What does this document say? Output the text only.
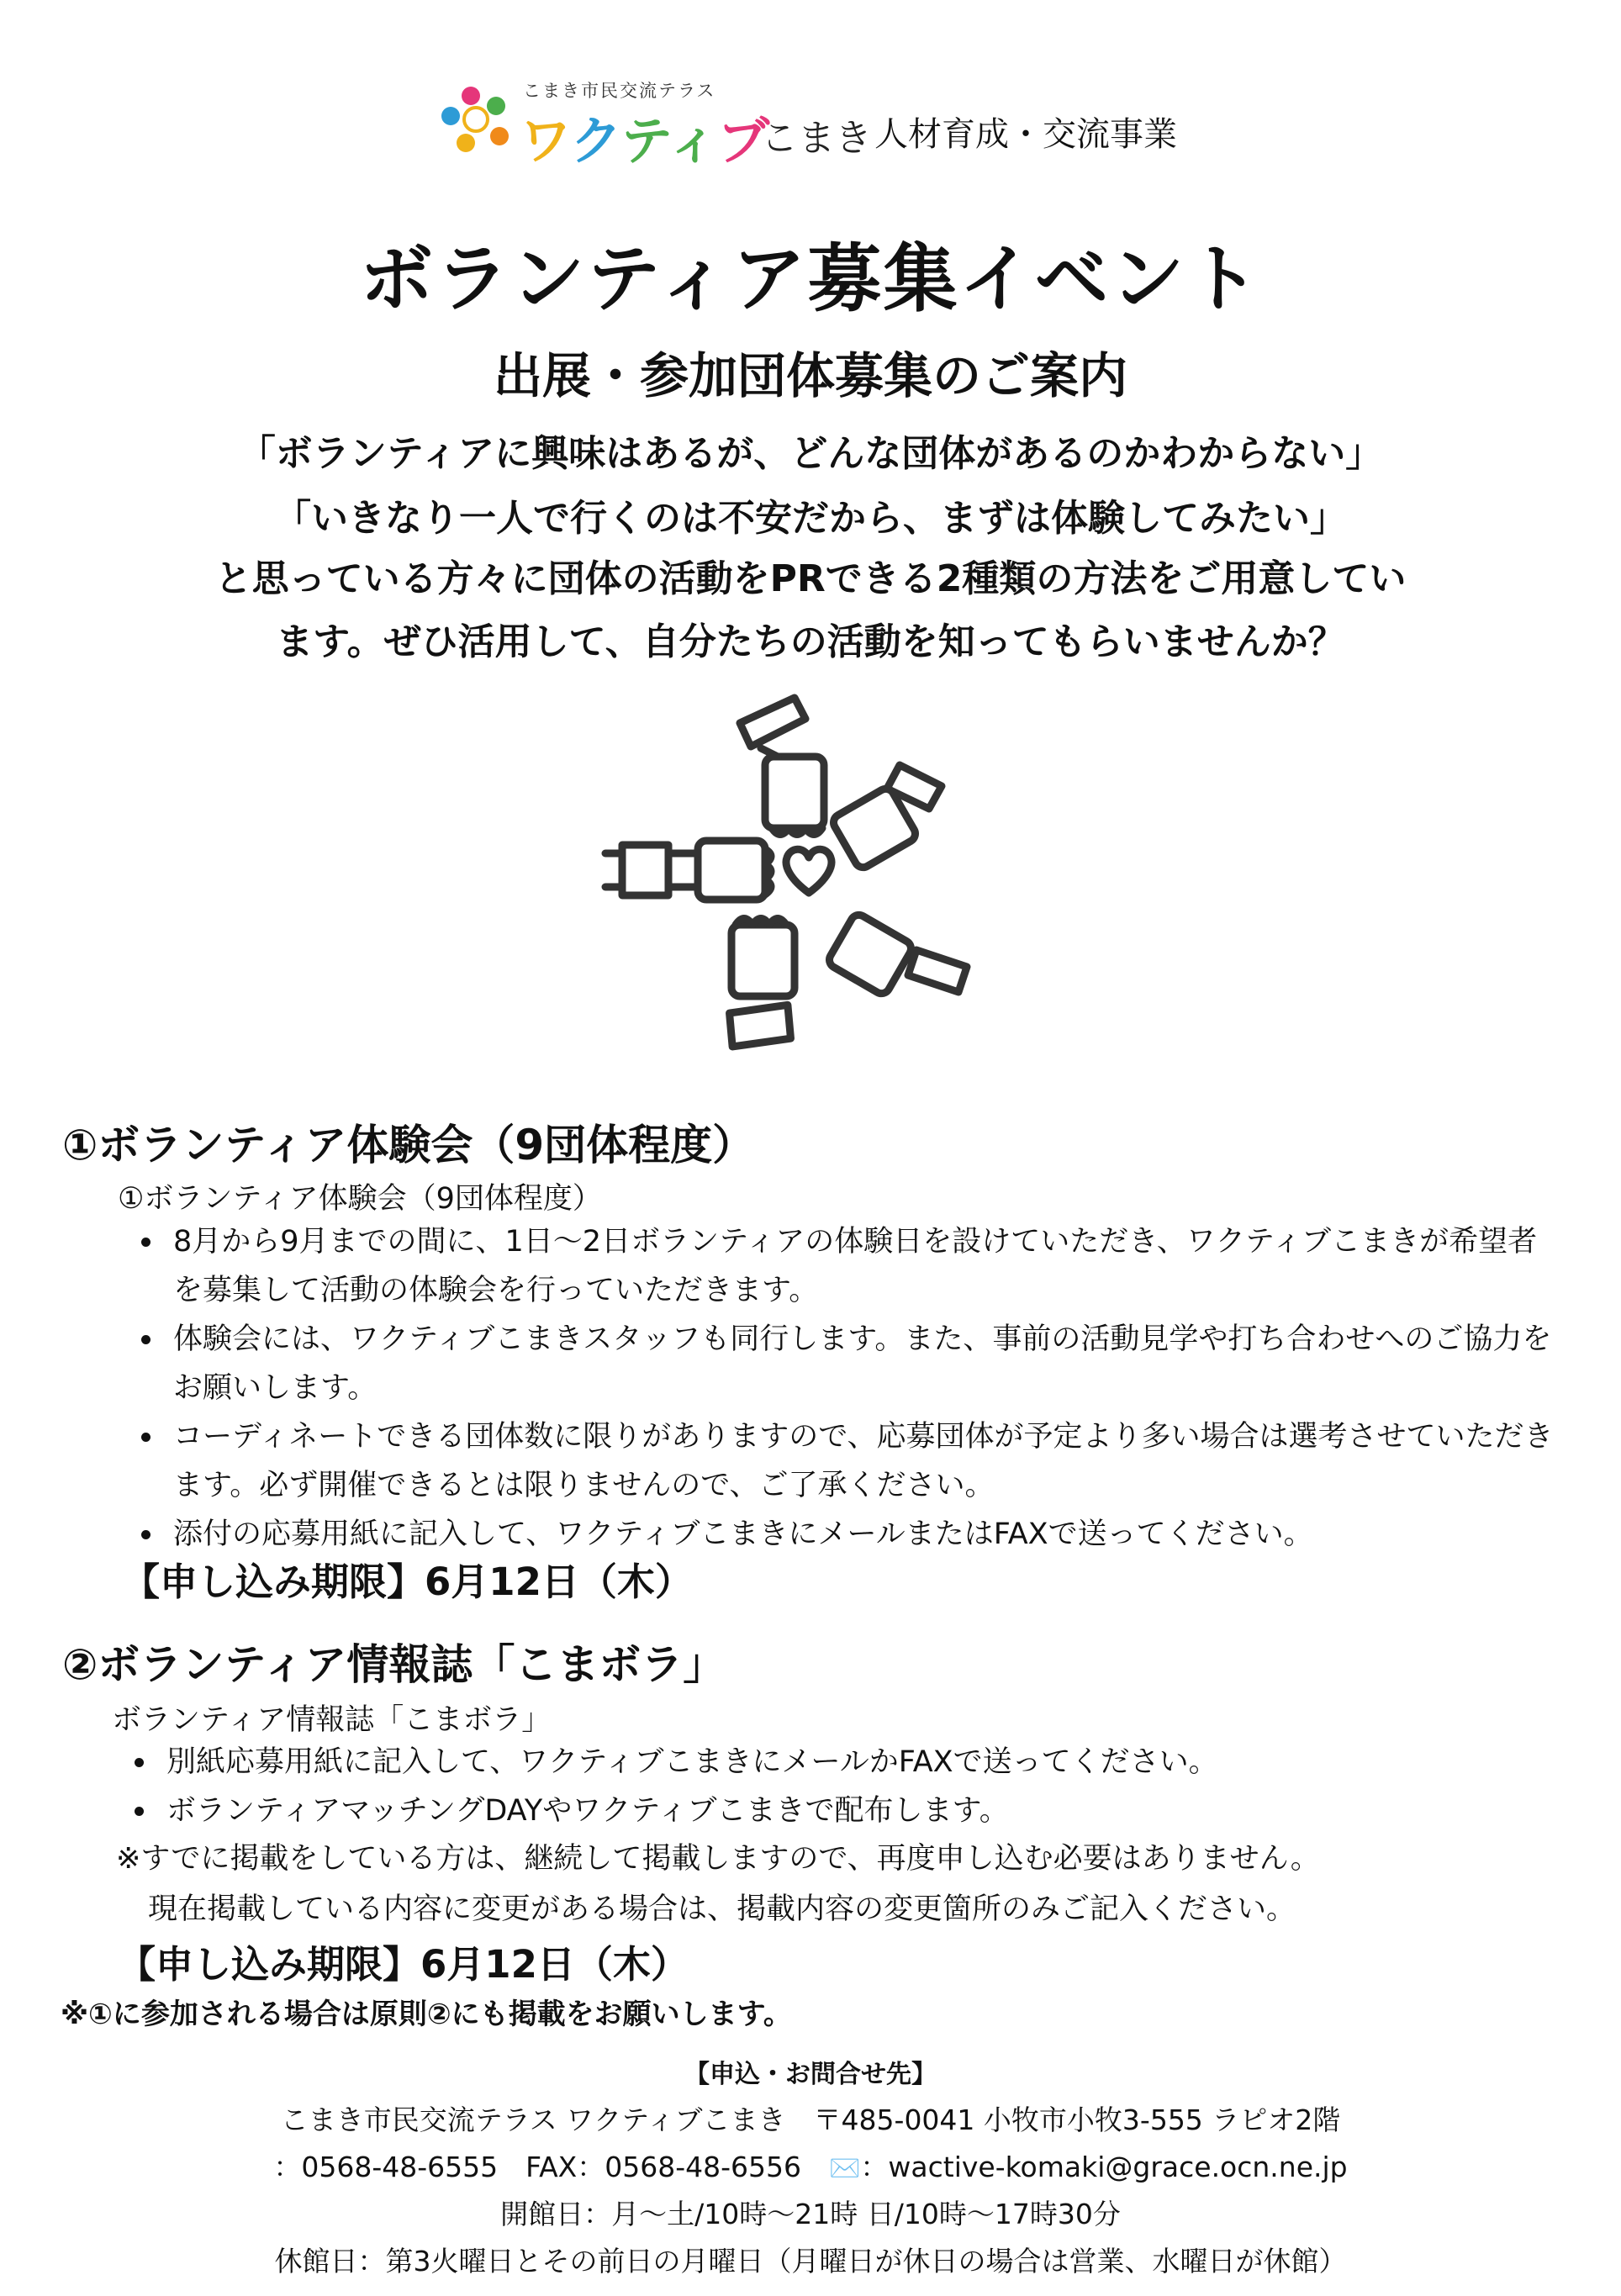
こまき市民交流テラス
ワクティブ
こまき 人材育成・交流事業
ボランティア募集イベント
出展・参加団体募集のご案内
「ボランティアに興味はあるが、どんな団体があるのかわからない」
「いきなり一人で行くのは不安だから、まずは体験してみたい」
と思っている方々に団体の活動をPRできる2種類の方法をご用意してい
ます。ぜひ活用して、自分たちの活動を知ってもらいませんか？
①ボランティア体験会（9団体程度）
①ボランティア体験会（9団体程度）
8月から9月までの間に、1日～2日ボランティアの体験日を設けていただき、ワクティブこまきが希望者を募集して活動の体験会を行っていただきます。
体験会には、ワクティブこまきスタッフも同行します。また、事前の活動見学や打ち合わせへのご協力をお願いします。
コーディネートできる団体数に限りがありますので、応募団体が予定より多い場合は選考させていただきます。必ず開催できるとは限りませんので、ご了承ください。
添付の応募用紙に記入して、ワクティブこまきにメールまたはFAXで送ってください。
【申し込み期限】6月12日（木）
②ボランティア情報誌「こまボラ」
ボランティア情報誌「こまボラ」
別紙応募用紙に記入して、ワクティブこまきにメールかFAXで送ってください。
ボランティアマッチングDAYやワクティブこまきで配布します。
※すでに掲載をしている方は、継続して掲載しますので、再度申し込む必要はありません。
現在掲載している内容に変更がある場合は、掲載内容の変更箇所のみご記入ください。
【申し込み期限】6月12日（木）
※①に参加される場合は原則②にも掲載をお願いします。
【申込・お問合せ先】
こまき市民交流テラス ワクティブこまき　〒485-0041 小牧市小牧3-555 ラピオ2階
：0568-48-6555　FAX：0568-48-6556　✉️：wactive-komaki@grace.ocn.ne.jp
開館日：月～土/10時～21時 日/10時～17時30分
休館日：第3火曜日とその前日の月曜日（月曜日が休日の場合は営業、水曜日が休館）
